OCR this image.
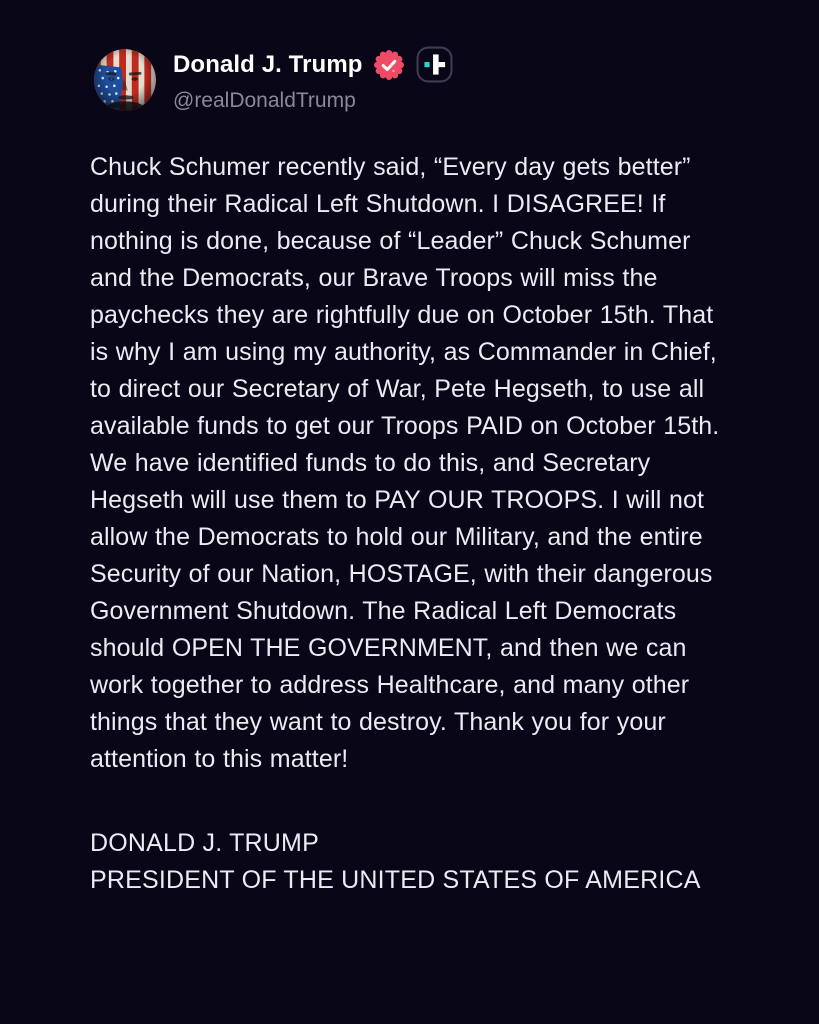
Donald J. Trump
@realDonaldTrump

Chuck Schumer recently said, “Every day gets better” during their Radical Left Shutdown. I DISAGREE! If nothing is done, because of “Leader” Chuck Schumer and the Democrats, our Brave Troops will miss the paychecks they are rightfully due on October 15th. That is why I am using my authority, as Commander in Chief, to direct our Secretary of War, Pete Hegseth, to use all available funds to get our Troops PAID on October 15th. We have identified funds to do this, and Secretary Hegseth will use them to PAY OUR TROOPS. I will not allow the Democrats to hold our Military, and the entire Security of our Nation, HOSTAGE, with their dangerous Government Shutdown. The Radical Left Democrats should OPEN THE GOVERNMENT, and then we can work together to address Healthcare, and many other things that they want to destroy. Thank you for your attention to this matter!

DONALD J. TRUMP
PRESIDENT OF THE UNITED STATES OF AMERICA
